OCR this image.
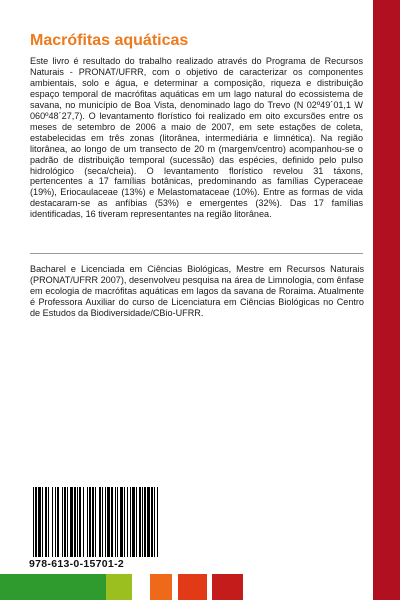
Macrófitas aquáticas

Este livro é resultado do trabalho realizado através do Programa de Recursos Naturais - PRONAT/UFRR, com o objetivo de caracterizar os componentes ambientais, solo e água, e determinar a composição, riqueza e distribuição espaço temporal de macrófitas aquáticas em um lago natural do ecossistema de savana, no município de Boa Vista, denominado lago do Trevo (N 02º49´01,1 W 060º48´27,7). O levantamento florístico foi realizado em oito excursões entre os meses de setembro de 2006 a maio de 2007, em sete estações de coleta, estabelecidas em três zonas (litorânea, intermediária e limnética). Na região litorânea, ao longo de um transecto de 20 m (margem/centro) acompanhou-se o padrão de distribuição temporal (sucessão) das espécies, definido pelo pulso hidrológico (seca/cheia). O levantamento florístico revelou 31 táxons, pertencentes a 17 famílias botânicas, predominando as famílias Cyperaceae (19%), Eriocaulaceae (13%) e Melastomataceae (10%). Entre as formas de vida destacaram-se as anfíbias (53%) e emergentes (32%). Das 17 famílias identificadas, 16 tiveram representantes na região litorânea.

Bacharel e Licenciada em Ciências Biológicas, Mestre em Recursos Naturais (PRONAT/UFRR 2007), desenvolveu pesquisa na área de Limnologia, com ênfase em ecologia de macrófitas aquáticas em lagos da savana de Roraima. Atualmente é Professora Auxiliar do curso de Licenciatura em Ciências Biológicas no Centro de Estudos da Biodiversidade/CBio-UFRR.

978-613-0-15701-2
